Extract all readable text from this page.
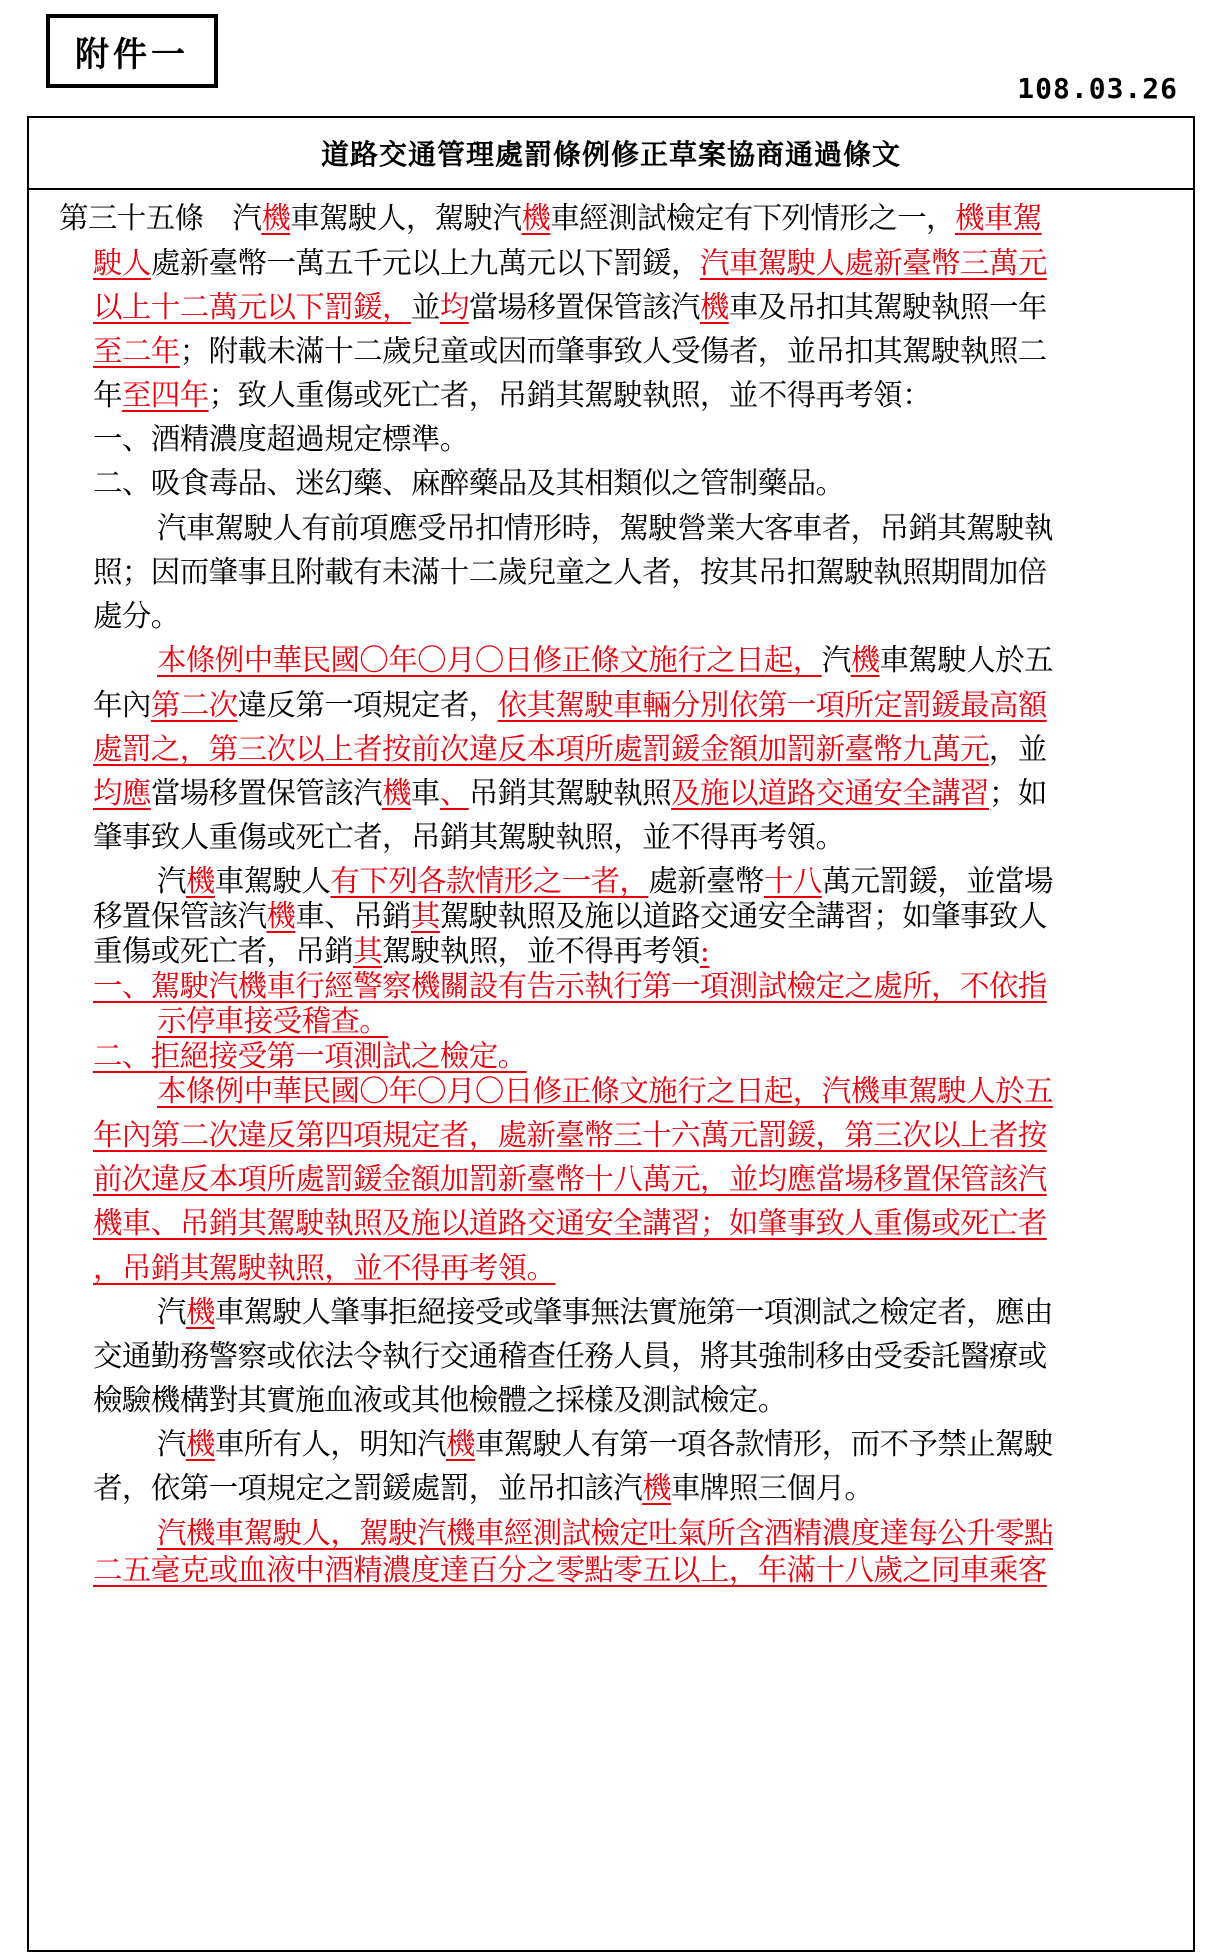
附件一
108.03.26
道路交通管理處罰條例修正草案協商通過條文
第三十五條　汽機車駕駛人，駕駛汽機車經測試檢定有下列情形之一，機車駕
駛人處新臺幣一萬五千元以上九萬元以下罰鍰，汽車駕駛人處新臺幣三萬元
以上十二萬元以下罰鍰，並均當場移置保管該汽機車及吊扣其駕駛執照一年
至二年；附載未滿十二歲兒童或因而肇事致人受傷者，並吊扣其駕駛執照二
年至四年；致人重傷或死亡者，吊銷其駕駛執照，並不得再考領：
一、酒精濃度超過規定標準。
二、吸食毒品、迷幻藥、麻醉藥品及其相類似之管制藥品。
汽車駕駛人有前項應受吊扣情形時，駕駛營業大客車者，吊銷其駕駛執
照；因而肇事且附載有未滿十二歲兒童之人者，按其吊扣駕駛執照期間加倍
處分。
本條例中華民國〇年〇月〇日修正條文施行之日起，汽機車駕駛人於五
年內第二次違反第一項規定者，依其駕駛車輛分別依第一項所定罰鍰最高額
處罰之，第三次以上者按前次違反本項所處罰鍰金額加罰新臺幣九萬元，並
均應當場移置保管該汽機車、吊銷其駕駛執照及施以道路交通安全講習；如
肇事致人重傷或死亡者，吊銷其駕駛執照，並不得再考領。
汽機車駕駛人有下列各款情形之一者，處新臺幣十八萬元罰鍰，並當場
移置保管該汽機車、吊銷其駕駛執照及施以道路交通安全講習；如肇事致人
重傷或死亡者，吊銷其駕駛執照，並不得再考領:
一、駕駛汽機車行經警察機關設有告示執行第一項測試檢定之處所，不依指
示停車接受稽查。
二、拒絕接受第一項測試之檢定。
本條例中華民國〇年〇月〇日修正條文施行之日起，汽機車駕駛人於五
年內第二次違反第四項規定者，處新臺幣三十六萬元罰鍰，第三次以上者按
前次違反本項所處罰鍰金額加罰新臺幣十八萬元，並均應當場移置保管該汽
機車、吊銷其駕駛執照及施以道路交通安全講習；如肇事致人重傷或死亡者
，吊銷其駕駛執照，並不得再考領。
汽機車駕駛人肇事拒絕接受或肇事無法實施第一項測試之檢定者，應由
交通勤務警察或依法令執行交通稽查任務人員，將其強制移由受委託醫療或
檢驗機構對其實施血液或其他檢體之採樣及測試檢定。
汽機車所有人，明知汽機車駕駛人有第一項各款情形，而不予禁止駕駛
者，依第一項規定之罰鍰處罰，並吊扣該汽機車牌照三個月。
汽機車駕駛人，駕駛汽機車經測試檢定吐氣所含酒精濃度達每公升零點
二五毫克或血液中酒精濃度達百分之零點零五以上，年滿十八歲之同車乘客
